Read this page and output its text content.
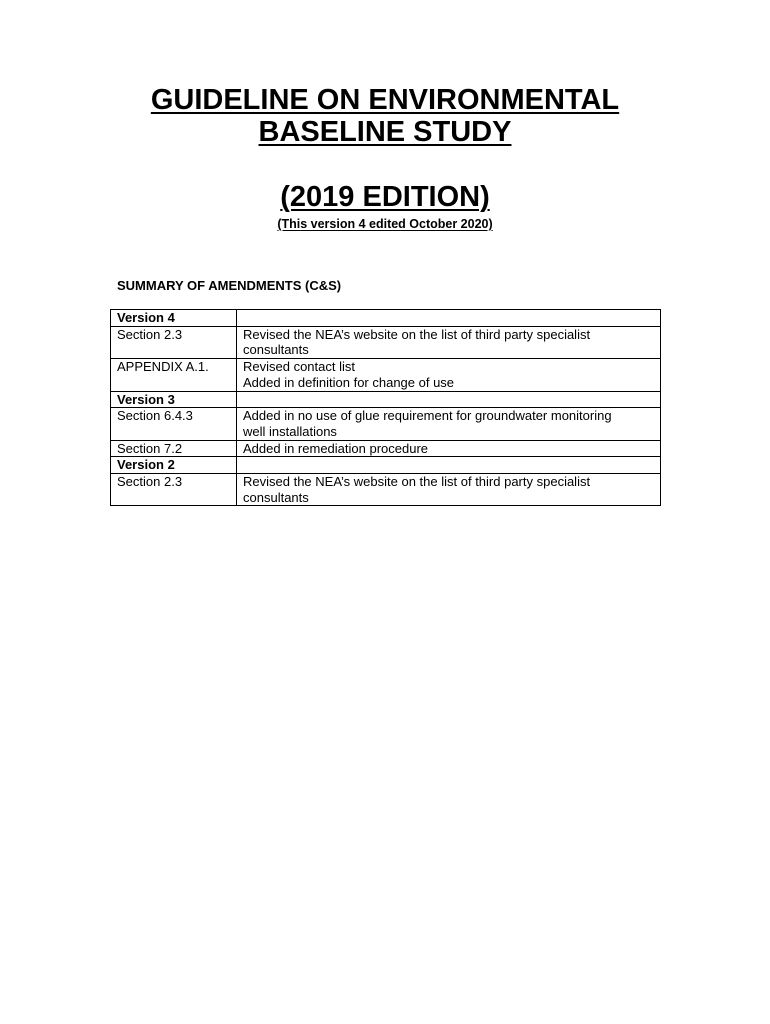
GUIDELINE ON ENVIRONMENTAL
BASELINE STUDY
(2019 EDITION)

(This version 4 edited October 2020)

SUMMARY OF AMENDMENTS (C&S)

Version 4	
Section 2.3	Revised the NEA’s website on the list of third party specialist
consultants
APPENDIX A.1.	Revised contact list
Added in definition for change of use
Version 3	
Section 6.4.3	Added in no use of glue requirement for groundwater monitoring
well installations
Section 7.2	Added in remediation procedure
Version 2	
Section 2.3	Revised the NEA’s website on the list of third party specialist
consultants
